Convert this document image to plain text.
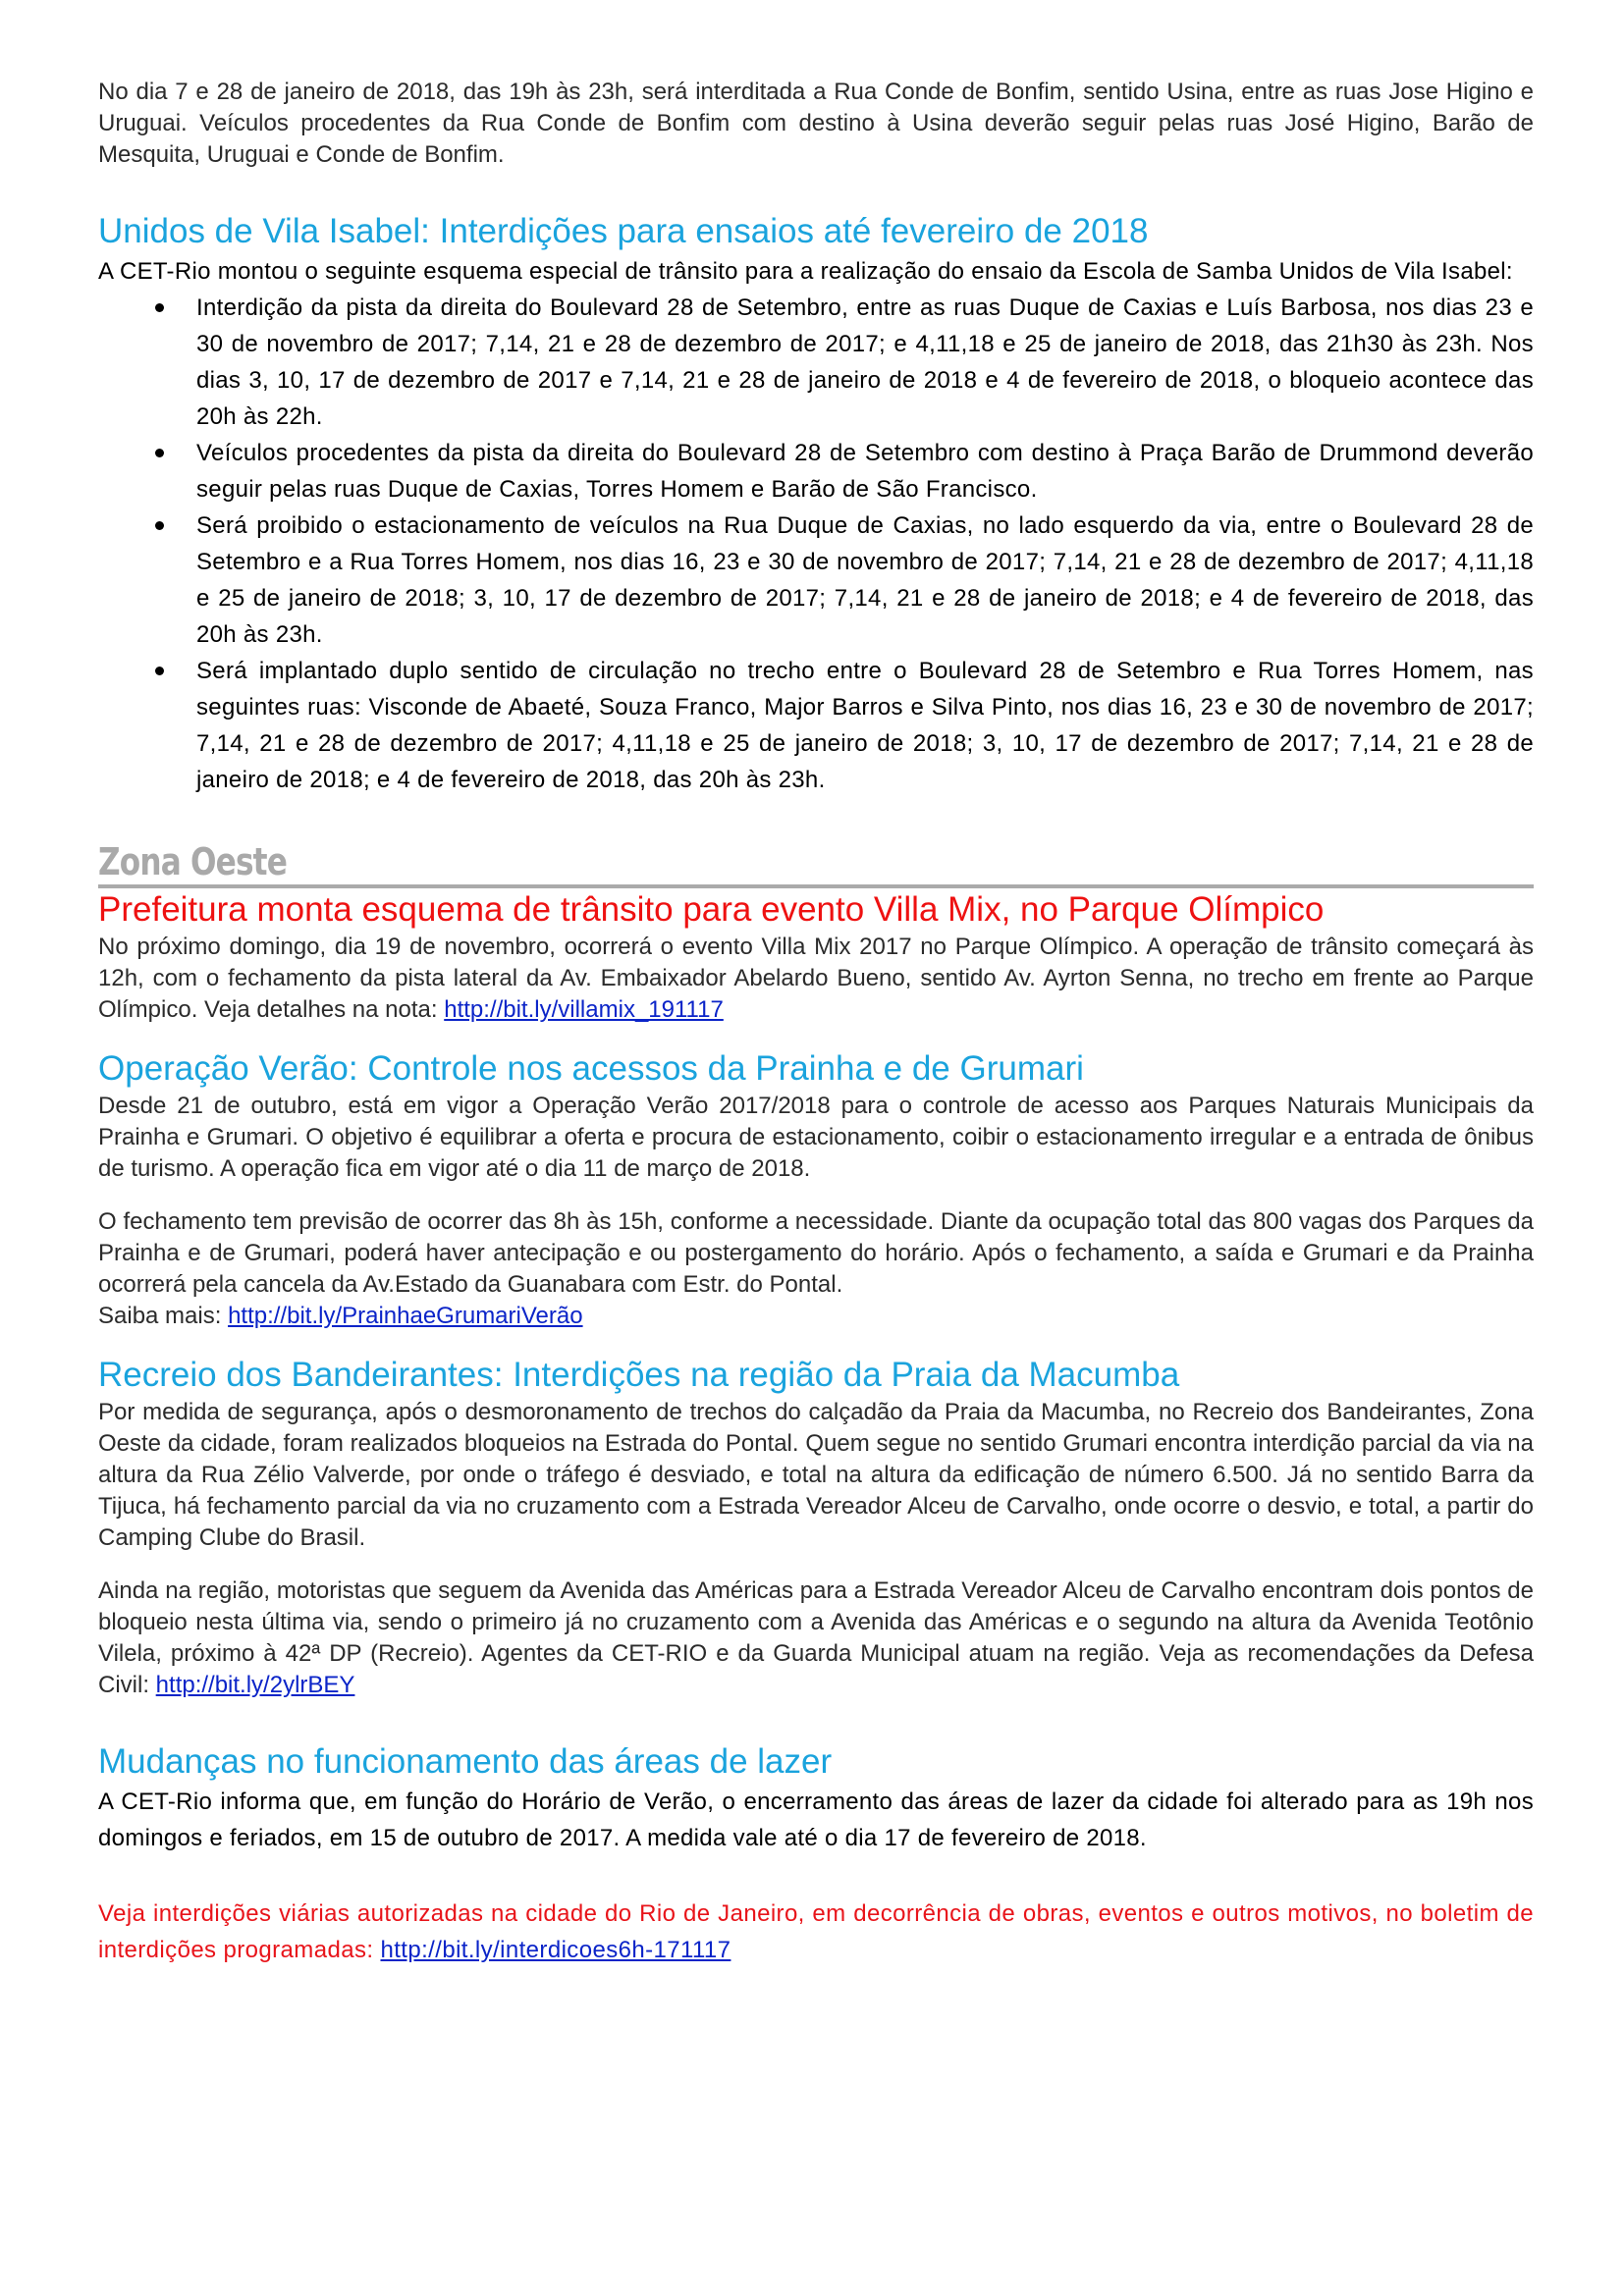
No dia 7 e 28 de janeiro de 2018, das 19h às 23h, será interditada a Rua Conde de Bonfim, sentido Usina, entre as ruas Jose Higino e Uruguai. Veículos procedentes da Rua Conde de Bonfim com destino à Usina deverão seguir pelas ruas José Higino, Barão de Mesquita, Uruguai e Conde de Bonfim.

Unidos de Vila Isabel: Interdições para ensaios até fevereiro de 2018

A CET-Rio montou o seguinte esquema especial de trânsito para a realização do ensaio da Escola de Samba Unidos de Vila Isabel:

Interdição da pista da direita do Boulevard 28 de Setembro, entre as ruas Duque de Caxias e Luís Barbosa, nos dias 23 e 30 de novembro de 2017; 7,14, 21 e 28 de dezembro de 2017; e 4,11,18 e 25 de janeiro de 2018, das 21h30 às 23h. Nos dias 3, 10, 17 de dezembro de 2017 e 7,14, 21 e 28 de janeiro de 2018 e 4 de fevereiro de 2018, o bloqueio acontece das 20h às 22h.
Veículos procedentes da pista da direita do Boulevard 28 de Setembro com destino à Praça Barão de Drummond deverão seguir pelas ruas Duque de Caxias, Torres Homem e Barão de São Francisco.
Será proibido o estacionamento de veículos na Rua Duque de Caxias, no lado esquerdo da via, entre o Boulevard 28 de Setembro e a Rua Torres Homem, nos dias 16, 23 e 30 de novembro de 2017; 7,14, 21 e 28 de dezembro de 2017; 4,11,18 e 25 de janeiro de 2018; 3, 10, 17 de dezembro de 2017; 7,14, 21 e 28 de janeiro de 2018; e 4 de fevereiro de 2018, das 20h às 23h.
Será implantado duplo sentido de circulação no trecho entre o Boulevard 28 de Setembro e Rua Torres Homem, nas seguintes ruas: Visconde de Abaeté, Souza Franco, Major Barros e Silva Pinto, nos dias 16, 23 e 30 de novembro de 2017; 7,14, 21 e 28 de dezembro de 2017; 4,11,18 e 25 de janeiro de 2018; 3, 10, 17 de dezembro de 2017; 7,14, 21 e 28 de janeiro de 2018; e 4 de fevereiro de 2018, das 20h às 23h.
Zona Oeste
Prefeitura monta esquema de trânsito para evento Villa Mix, no Parque Olímpico

No próximo domingo, dia 19 de novembro, ocorrerá o evento Villa Mix 2017 no Parque Olímpico. A operação de trânsito começará às 12h, com o fechamento da pista lateral da Av. Embaixador Abelardo Bueno, sentido Av. Ayrton Senna, no trecho em frente ao Parque Olímpico. Veja detalhes na nota: http://bit.ly/villamix_191117

Operação Verão: Controle nos acessos da Prainha e de Grumari

Desde 21 de outubro, está em vigor a Operação Verão 2017/2018 para o controle de acesso aos Parques Naturais Municipais da Prainha e Grumari. O objetivo é equilibrar a oferta e procura de estacionamento, coibir o estacionamento irregular e a entrada de ônibus de turismo. A operação fica em vigor até o dia 11 de março de 2018.

O fechamento tem previsão de ocorrer das 8h às 15h, conforme a necessidade. Diante da ocupação total das 800 vagas dos Parques da Prainha e de Grumari, poderá haver antecipação e ou postergamento do horário. Após o fechamento, a saída e Grumari e da Prainha ocorrerá pela cancela da Av.Estado da Guanabara com Estr. do Pontal.

Saiba mais: http://bit.ly/PrainhaeGrumariVerão

Recreio dos Bandeirantes: Interdições na região da Praia da Macumba

Por medida de segurança, após o desmoronamento de trechos do calçadão da Praia da Macumba, no Recreio dos Bandeirantes, Zona Oeste da cidade, foram realizados bloqueios na Estrada do Pontal. Quem segue no sentido Grumari encontra interdição parcial da via na altura da Rua Zélio Valverde, por onde o tráfego é desviado, e total na altura da edificação de número 6.500. Já no sentido Barra da Tijuca, há fechamento parcial da via no cruzamento com a Estrada Vereador Alceu de Carvalho, onde ocorre o desvio, e total, a partir do Camping Clube do Brasil.

Ainda na região, motoristas que seguem da Avenida das Américas para a Estrada Vereador Alceu de Carvalho encontram dois pontos de bloqueio nesta última via, sendo o primeiro já no cruzamento com a Avenida das Américas e o segundo na altura da Avenida Teotônio Vilela, próximo à 42ª DP (Recreio). Agentes da CET-RIO e da Guarda Municipal atuam na região. Veja as recomendações da Defesa Civil: http://bit.ly/2ylrBEY

Mudanças no funcionamento das áreas de lazer

A CET-Rio informa que, em função do Horário de Verão, o encerramento das áreas de lazer da cidade foi alterado para as 19h nos domingos e feriados, em 15 de outubro de 2017. A medida vale até o dia 17 de fevereiro de 2018.

Veja interdições viárias autorizadas na cidade do Rio de Janeiro, em decorrência de obras, eventos e outros motivos, no boletim de interdições programadas: http://bit.ly/interdicoes6h-171117
